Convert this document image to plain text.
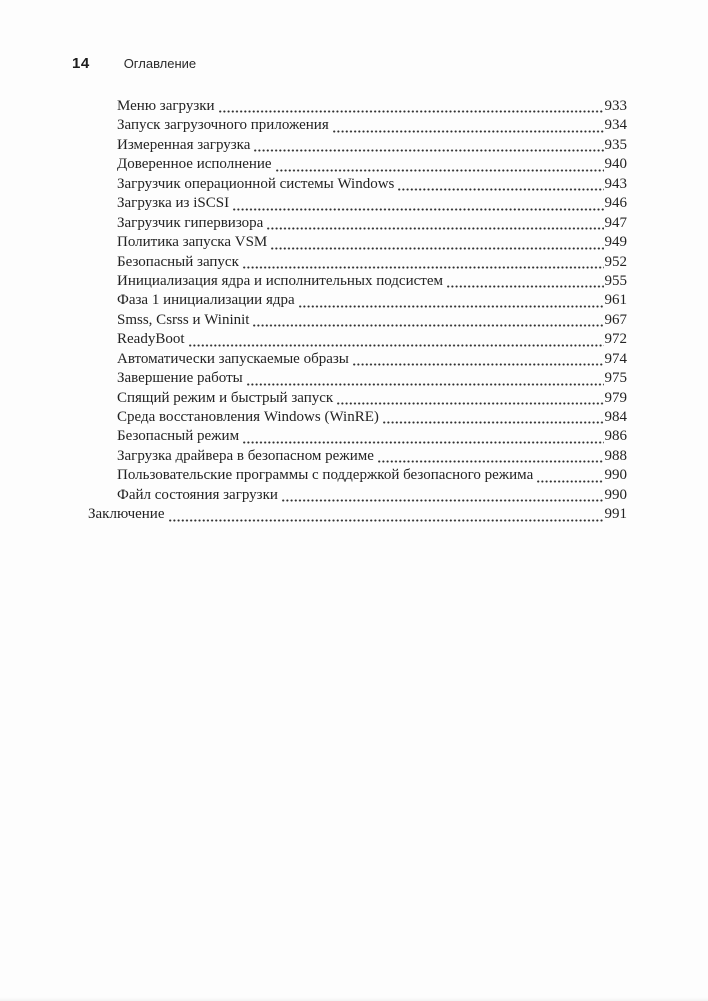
14	Оглавление
Меню загрузки	933
Запуск загрузочного приложения	934
Измеренная загрузка	935
Доверенное исполнение	940
Загрузчик операционной системы Windows	943
Загрузка из iSCSI	946
Загрузчик гипервизора	947
Политика запуска VSM	949
Безопасный запуск	952
Инициализация ядра и исполнительных подсистем	955
Фаза 1 инициализации ядра	961
Smss, Csrss и Wininit	967
ReadyBoot	972
Автоматически запускаемые образы	974
Завершение работы	975
Спящий режим и быстрый запуск	979
Среда восстановления Windows (WinRE)	984
Безопасный режим	986
Загрузка драйвера в безопасном режиме	988
Пользовательские программы с поддержкой безопасного режима	990
Файл состояния загрузки	990
Заключение	991
